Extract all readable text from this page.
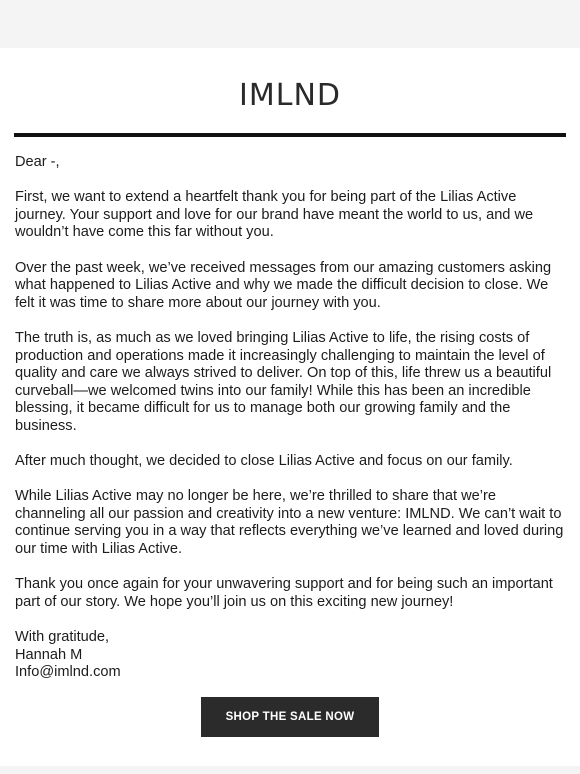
IMLND

Dear -,

First, we want to extend a heartfelt thank you for being part of the Lilias Active journey. Your support and love for our brand have meant the world to us, and we wouldn’t have come this far without you.

Over the past week, we’ve received messages from our amazing customers asking what happened to Lilias Active and why we made the difficult decision to close. We felt it was time to share more about our journey with you.

The truth is, as much as we loved bringing Lilias Active to life, the rising costs of production and operations made it increasingly challenging to maintain the level of quality and care we always strived to deliver. On top of this, life threw us a beautiful curveball—we welcomed twins into our family! While this has been an incredible blessing, it became difficult for us to manage both our growing family and the business.

After much thought, we decided to close Lilias Active and focus on our family.

While Lilias Active may no longer be here, we’re thrilled to share that we’re channeling all our passion and creativity into a new venture: IMLND. We can’t wait to continue serving you in a way that reflects everything we’ve learned and loved during our time with Lilias Active.

Thank you once again for your unwavering support and for being such an important part of our story. We hope you’ll join us on this exciting new journey!

With gratitude,
Hannah M
Info@imlnd.com
SHOP THE SALE NOW
